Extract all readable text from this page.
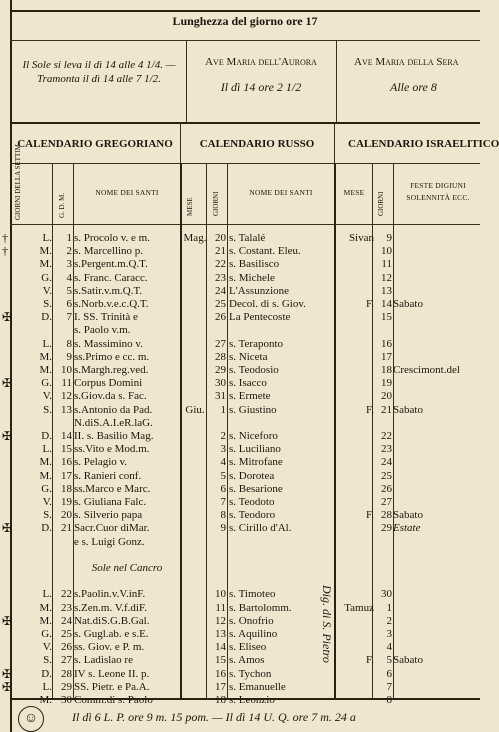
Lunghezza del giorno ore 17
Il Sole si leva il dì 14 alle 4 1/4. — Tramonta il dì 14 alle 7 1/2.
Ave Maria dell'Aurora
Il dì 14 ore 2 1/2
Ave Maria della Sera
Alle ore 8
CALENDARIO GREGORIANO	CALENDARIO RUSSO	CALENDARIO ISRAELITICO
GIORNI DELLA SETTIM.	G. D. M.
NOME DEI SANTI
MESE	GIORNI	NOME DEI SANTI	MESE	GIORNI
FESTE DIGIUNI SOLENNITÀ ECC.
L.	1 s. Procolo v. e m.	Mag. 20 s. Talalé	Sivan	9
†
M.	2 s. Marcellino p.	21 s. Costant. Eleu.	10
†
M.	3 s.Pergent.m.Q.T.	22 s. Basilisco	11
G.	4 s. Franc. Caracc.	23 s. Michele	12
V.	5 s.Satir.v.m.Q.T.	24 L'Assunzione	13
S.	6 s.Norb.v.e.c.Q.T.	25 Decol. di s. Giov.	F. 14 Sabato
D.	7 I. SS. Trinità e	26 La Pentecoste	15
✠
s. Paolo v.m.
L.	8 s. Massimino v.	27 s. Teraponto	16
M.	9 ss.Primo e cc. m.	28 s. Niceta	17
M. 10 s.Margh.reg.ved.	29 s. Teodosio	18 Crescimont.del
G. 11 Corpus Domini	30 s. Isacco	19
✠
V. 12 s.Giov.da s. Fac.	31 s. Ermete	20
S. 13 s.Antonio da Pad.	Giu.	1 s. Giustino	F. 21 Sabato
N.diS.A.I.eR.laG.
D. 14 II. s. Basilio Mag.	2 s. Niceforo	22
✠
L. 15 ss.Vito e Mod.m.	3 s. Luciliano	23
M. 16 s. Pelagio v.	4 s. Mitrofane	24
M. 17 s. Ranieri conf.	5 s. Dorotea	25
G. 18 ss.Marco e Marc.	6 s. Besarione	26
V. 19 s. Giuliana Falc.	7 s. Teodoto	27
S. 20 s. Silverio papa	8 s. Teodoro	F. 28 Sabato
D. 21 Sacr.Cuor diMar.	9 s. Cirillo d'Al.	29 Estate
✠
e s. Luigi Gonz.
Sole nel Cancro
L. 22 s.Paolin.v.V.inF.	10 s. Timoteo	30
M. 23 s.Zen.m. V.f.diF.	11 s. Bartolomm.	Tamuz	1
M. 24 Nat.diS.G.B.Gal.	12 s. Onofrio	2
✠
G. 25 s. Gugl.ab. e s.E.	13 s. Aquilino	3
V. 26 ss. Giov. e P. m.	14 s. Eliseo	4
S. 27 s. Ladislao re	15 s. Amos	F.	5 Sabato
D. 28 IV s. Leone II. p.	16 s. Tychon	6
✠
L. 29 SS. Pietr. e Pa.A.	17 s. Emanuelle	7
✠
M. 30 Comm.di s. Paolo	18 s. Leonzio	8
Dig. di S. Pietro
☺	Il dì 6 L. P. ore 9 m. 15 pom. — Il dì 14 U. Q. ore 7 m. 24 a
